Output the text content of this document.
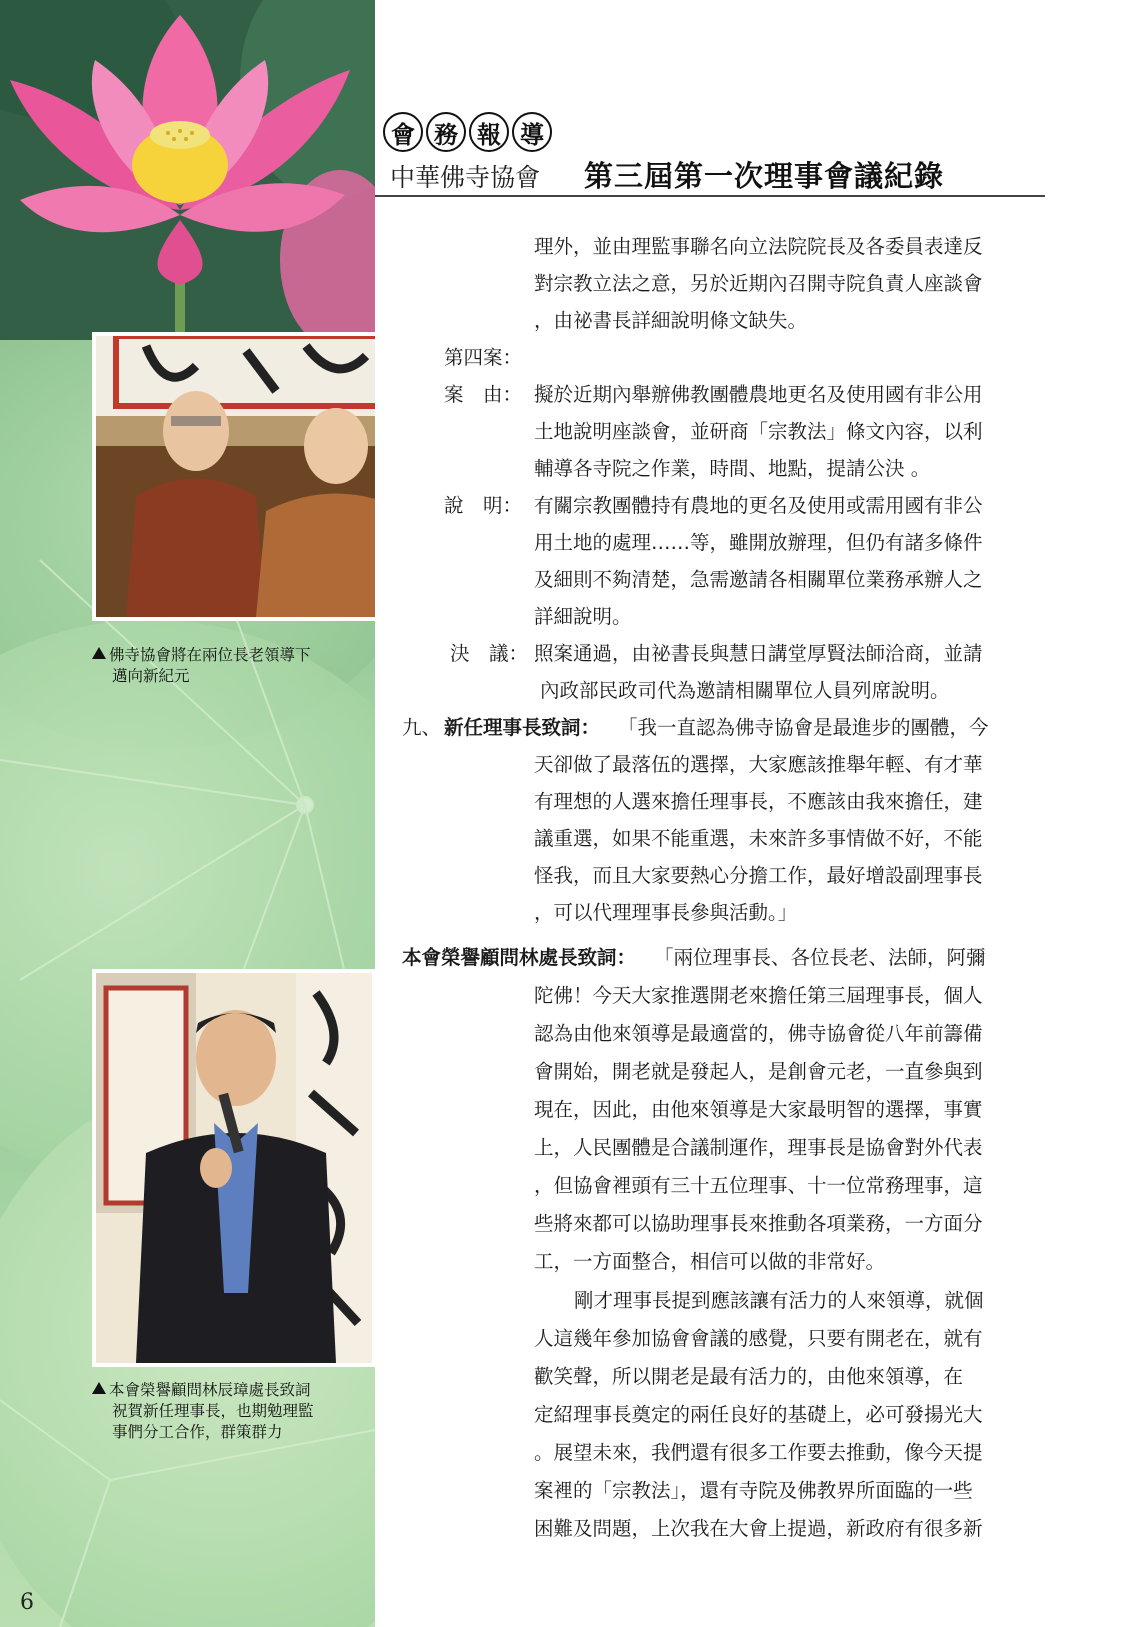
佛寺協會將在兩位長老領導下
邁向新紀元
本會榮譽顧問林辰璋處長致詞
祝賀新任理事長，也期勉理監
事們分工合作，群策群力
6
會 務 報 導
中華佛寺協會 第三屆第一次理事會議紀錄
理外，並由理監事聯名向立法院院長及各委員表達反
對宗教立法之意，另於近期內召開寺院負責人座談會
，由祕書長詳細說明條文缺失。
第四案：
案　由： 擬於近期內舉辦佛教團體農地更名及使用國有非公用
土地說明座談會，並研商「宗教法」條文內容，以利
輔導各寺院之作業，時間、地點，提請公決 。
說　明： 有關宗教團體持有農地的更名及使用或需用國有非公
用土地的處理……等，雖開放辦理，但仍有諸多條件
及細則不夠清楚，急需邀請各相關單位業務承辦人之
詳細說明。
決　議： 照案通過，由祕書長與慧日講堂厚賢法師洽商，並請
內政部民政司代為邀請相關單位人員列席說明。
九、 新任理事長致詞： 「我一直認為佛寺協會是最進步的團體，今
天卻做了最落伍的選擇，大家應該推舉年輕、有才華
有理想的人選來擔任理事長，不應該由我來擔任，建
議重選，如果不能重選，未來許多事情做不好，不能
怪我，而且大家要熱心分擔工作，最好增設副理事長
，可以代理理事長參與活動。」
本會榮譽顧問林處長致詞： 「兩位理事長、各位長老、法師，阿彌
陀佛！今天大家推選開老來擔任第三屆理事長，個人
認為由他來領導是最適當的，佛寺協會從八年前籌備
會開始，開老就是發起人，是創會元老，一直參與到
現在，因此，由他來領導是大家最明智的選擇，事實
上，人民團體是合議制運作，理事長是協會對外代表
，但協會裡頭有三十五位理事、十一位常務理事，這
些將來都可以協助理事長來推動各項業務，一方面分
工，一方面整合，相信可以做的非常好。
剛才理事長提到應該讓有活力的人來領導，就個
人這幾年參加協會會議的感覺，只要有開老在，就有
歡笑聲，所以開老是最有活力的，由他來領導，在
定紹理事長奠定的兩任良好的基礎上，必可發揚光大
。展望未來，我們還有很多工作要去推動，像今天提
案裡的「宗教法」，還有寺院及佛教界所面臨的一些
困難及問題，上次我在大會上提過，新政府有很多新
